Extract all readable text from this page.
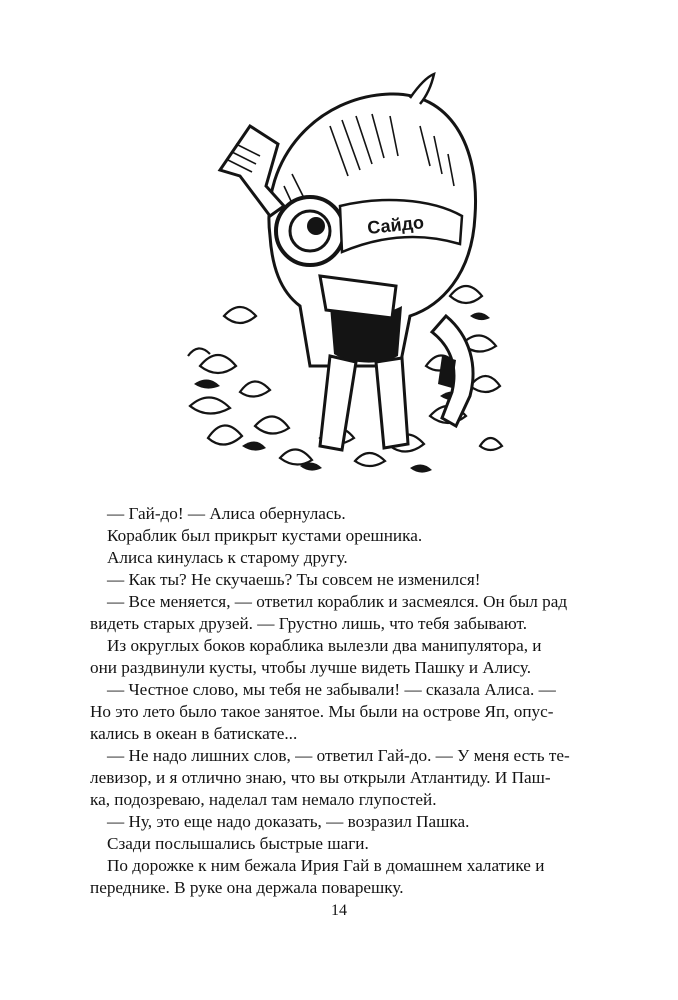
Сайдо

— Гай-до! — Алиса обернулась.

Кораблик был прикрыт кустами орешника.

Алиса кинулась к старому другу.

— Как ты? Не скучаешь? Ты совсем не изменился!

— Все меняется, — ответил кораблик и засмеялся. Он был рад
видеть старых друзей. — Грустно лишь, что тебя забывают.

Из округлых боков кораблика вылезли два манипулятора, и
они раздвинули кусты, чтобы лучше видеть Пашку и Алису.

— Честное слово, мы тебя не забывали! — сказала Алиса. —
Но это лето было такое занятое. Мы были на острове Яп, опус-
кались в океан в батискате...

— Не надо лишних слов, — ответил Гай-до. — У меня есть те-
левизор, и я отлично знаю, что вы открыли Атлантиду. И Паш-
ка, подозреваю, наделал там немало глупостей.

— Ну, это еще надо доказать, — возразил Пашка.

Сзади послышались быстрые шаги.

По дорожке к ним бежала Ирия Гай в домашнем халатике и
переднике. В руке она держала поварешку.

14
